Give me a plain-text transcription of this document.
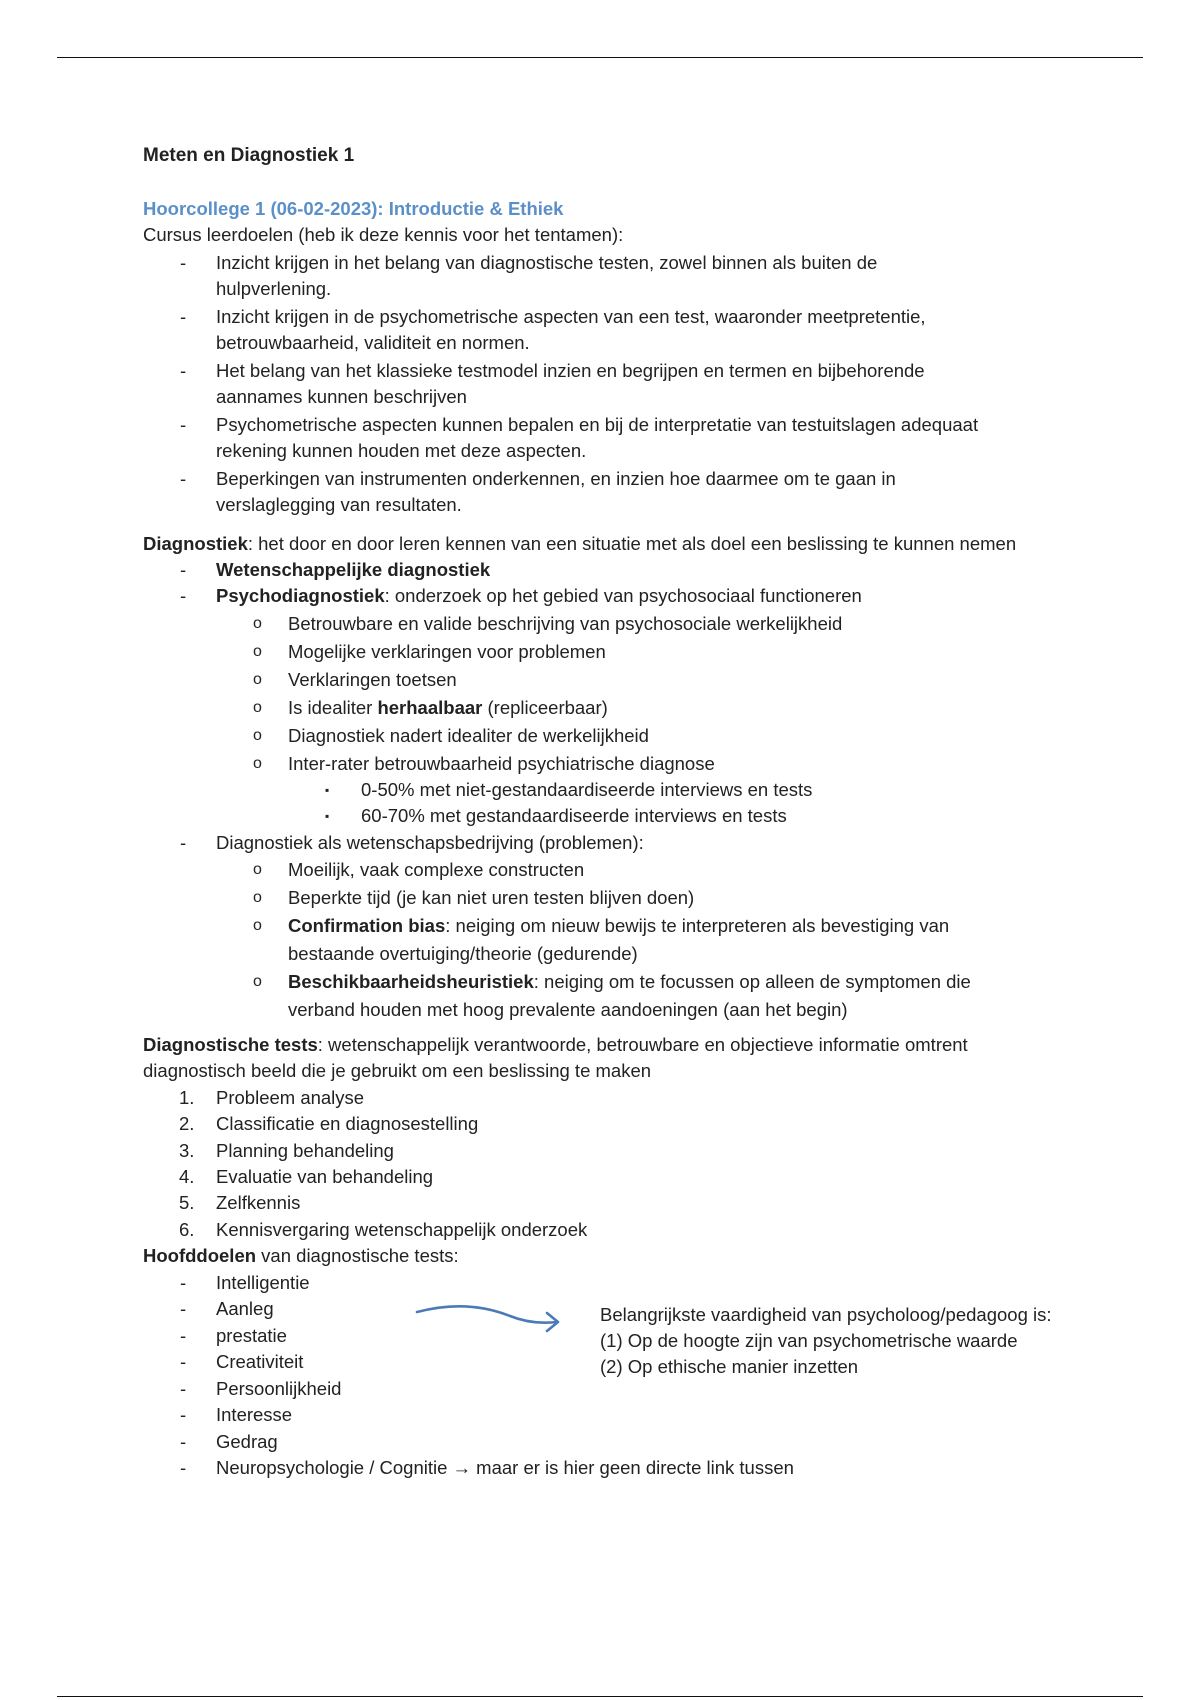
Meten en Diagnostiek 1
Hoorcollege 1 (06-02-2023): Introductie & Ethiek
Cursus leerdoelen (heb ik deze kennis voor het tentamen):
- Inzicht krijgen in het belang van diagnostische testen, zowel binnen als buiten de
hulpverlening.
- Inzicht krijgen in de psychometrische aspecten van een test, waaronder meetpretentie,
betrouwbaarheid, validiteit en normen.
- Het belang van het klassieke testmodel inzien en begrijpen en termen en bijbehorende
aannames kunnen beschrijven
- Psychometrische aspecten kunnen bepalen en bij de interpretatie van testuitslagen adequaat
rekening kunnen houden met deze aspecten.
- Beperkingen van instrumenten onderkennen, en inzien hoe daarmee om te gaan in
verslaglegging van resultaten.
Diagnostiek: het door en door leren kennen van een situatie met als doel een beslissing te kunnen nemen
- Wetenschappelijke diagnostiek
- Psychodiagnostiek: onderzoek op het gebied van psychosociaal functioneren
o Betrouwbare en valide beschrijving van psychosociale werkelijkheid
o Mogelijke verklaringen voor problemen
o Verklaringen toetsen
o Is idealiter herhaalbaar (repliceerbaar)
o Diagnostiek nadert idealiter de werkelijkheid
o Inter-rater betrouwbaarheid psychiatrische diagnose
▪ 0-50% met niet-gestandaardiseerde interviews en tests
▪ 60-70% met gestandaardiseerde interviews en tests
- Diagnostiek als wetenschapsbedrijving (problemen):
o Moeilijk, vaak complexe constructen
o Beperkte tijd (je kan niet uren testen blijven doen)
o Confirmation bias: neiging om nieuw bewijs te interpreteren als bevestiging van
bestaande overtuiging/theorie (gedurende)
o Beschikbaarheidsheuristiek: neiging om te focussen op alleen de symptomen die
verband houden met hoog prevalente aandoeningen (aan het begin)
Diagnostische tests: wetenschappelijk verantwoorde, betrouwbare en objectieve informatie omtrent
diagnostisch beeld die je gebruikt om een beslissing te maken
1. Probleem analyse
2. Classificatie en diagnosestelling
3. Planning behandeling
4. Evaluatie van behandeling
5. Zelfkennis
6. Kennisvergaring wetenschappelijk onderzoek
Hoofddoelen van diagnostische tests:
- Intelligentie
- Aanleg
- prestatie
- Creativiteit
- Persoonlijkheid
- Interesse
- Gedrag
- Neuropsychologie / Cognitie → maar er is hier geen directe link tussen
Belangrijkste vaardigheid van psycholoog/pedagoog is:
(1) Op de hoogte zijn van psychometrische waarde
(2) Op ethische manier inzetten
